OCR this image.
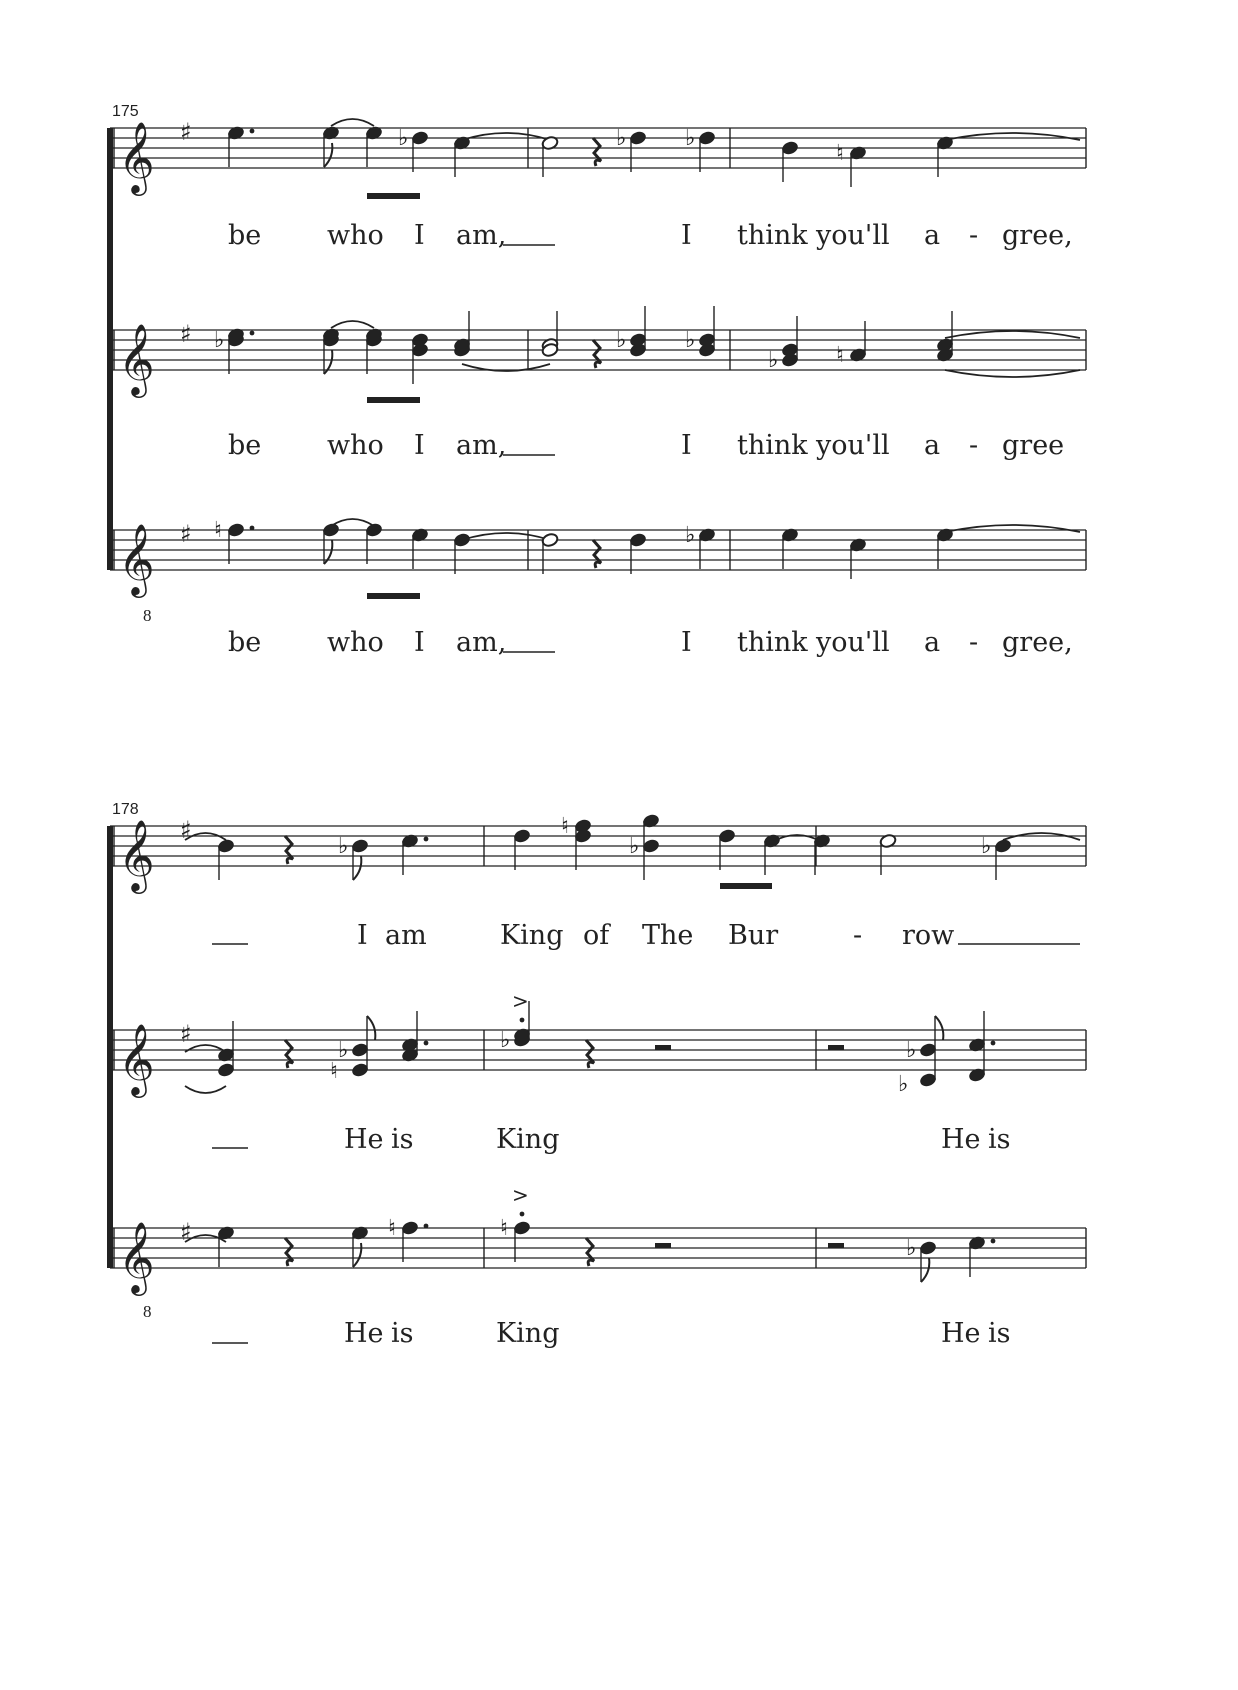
175
178
8
8
be who I am,	I think you'll a - gree,
be who I am,	I think you'll a - gree
be who I am,	I think you'll a - gree,
I am	King of The Bur	- row
He is	King	He is
He is	King	He is
𝄞 ♯
𝄞 ♯
𝄞 ♯
𝄞 ♯
𝄞 ♯
𝄞 ♯
♭	♭	♭
♮
♭	♭	♭
♭	♮
♮	♭
♭
♮
♭	♭
♭
♮
♭
>
♭
♭
♮	♮
>
♭
